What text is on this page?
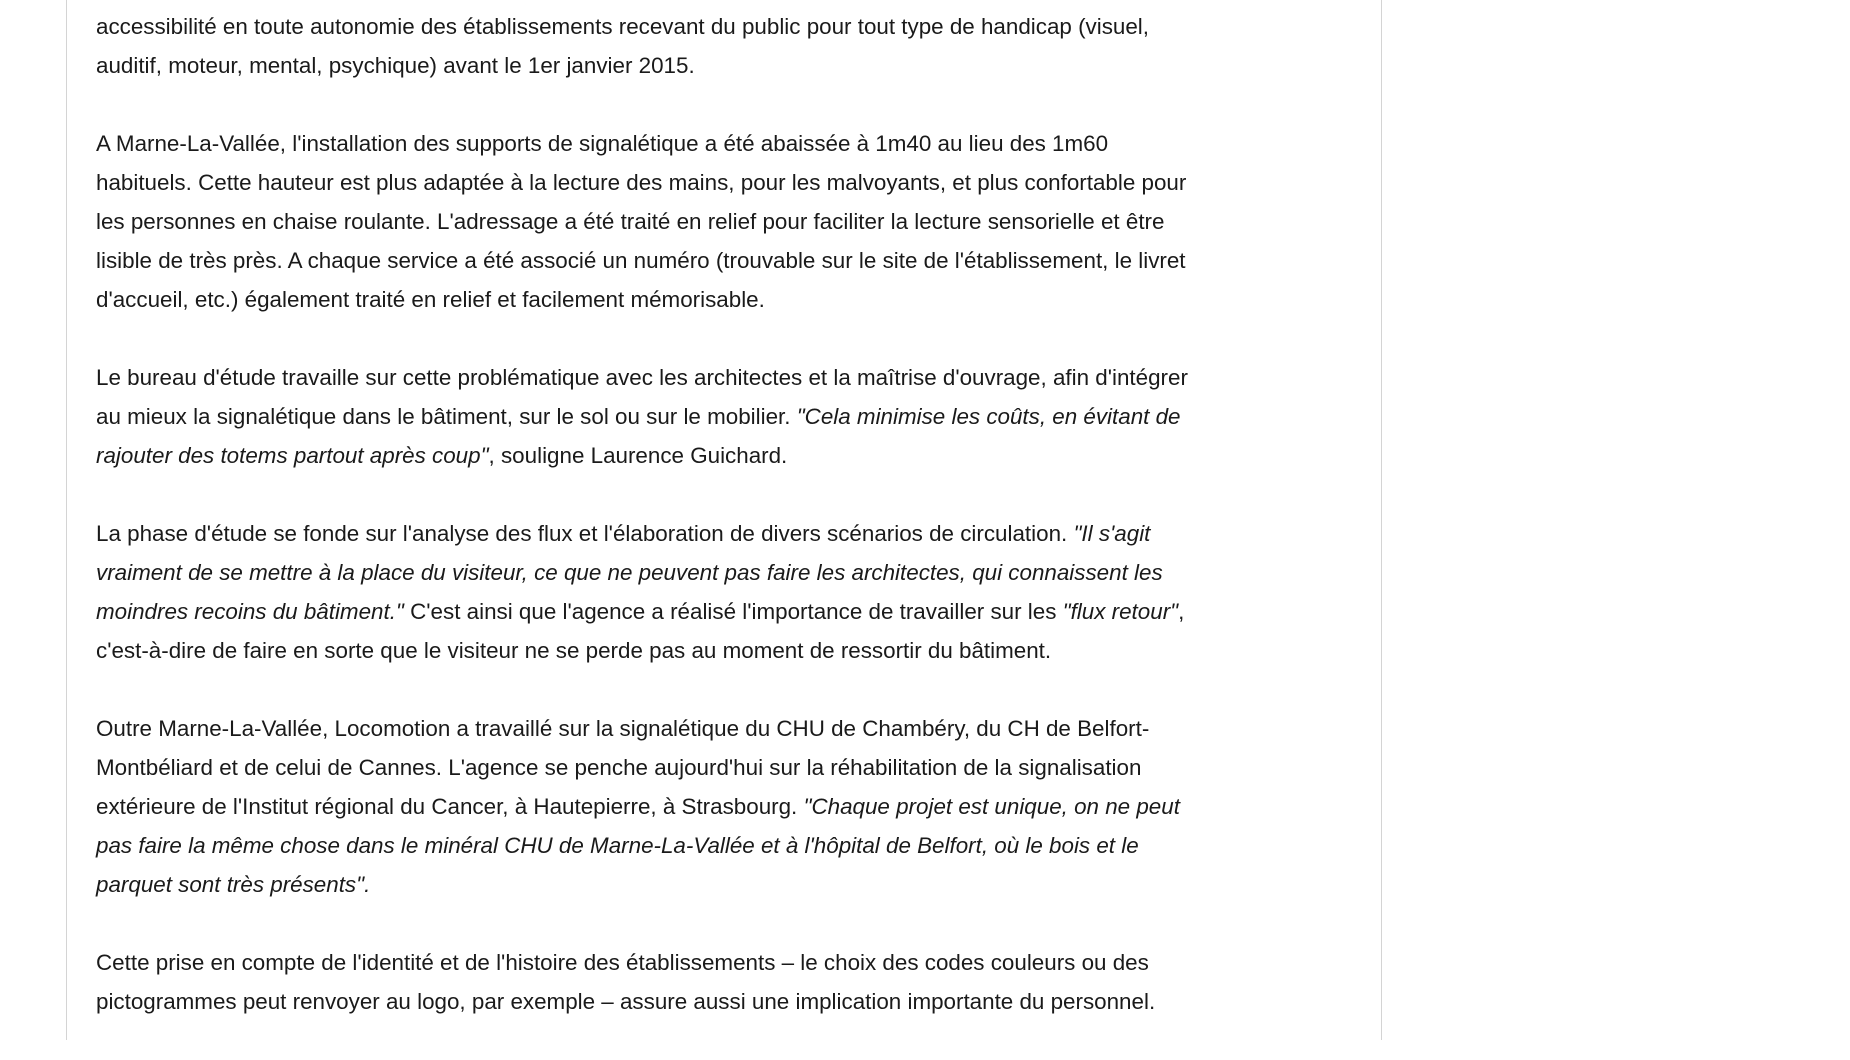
accessibilité en toute autonomie des établissements recevant du public pour tout type de handicap (visuel,
auditif, moteur, mental, psychique) avant le 1er janvier 2015.

A Marne-La-Vallée, l'installation des supports de signalétique a été abaissée à 1m40 au lieu des 1m60
habituels. Cette hauteur est plus adaptée à la lecture des mains, pour les malvoyants, et plus confortable pour
les personnes en chaise roulante. L'adressage a été traité en relief pour faciliter la lecture sensorielle et être
lisible de très près. A chaque service a été associé un numéro (trouvable sur le site de l'établissement, le livret
d'accueil, etc.) également traité en relief et facilement mémorisable.

Le bureau d'étude travaille sur cette problématique avec les architectes et la maîtrise d'ouvrage, afin d'intégrer
au mieux la signalétique dans le bâtiment, sur le sol ou sur le mobilier. "Cela minimise les coûts, en évitant de
rajouter des totems partout après coup", souligne Laurence Guichard.

La phase d'étude se fonde sur l'analyse des flux et l'élaboration de divers scénarios de circulation. "Il s'agit
vraiment de se mettre à la place du visiteur, ce que ne peuvent pas faire les architectes, qui connaissent les
moindres recoins du bâtiment." C'est ainsi que l'agence a réalisé l'importance de travailler sur les "flux retour",
c'est-à-dire de faire en sorte que le visiteur ne se perde pas au moment de ressortir du bâtiment.

Outre Marne-La-Vallée, Locomotion a travaillé sur la signalétique du CHU de Chambéry, du CH de Belfort-
Montbéliard et de celui de Cannes. L'agence se penche aujourd'hui sur la réhabilitation de la signalisation
extérieure de l'Institut régional du Cancer, à Hautepierre, à Strasbourg. "Chaque projet est unique, on ne peut
pas faire la même chose dans le minéral CHU de Marne-La-Vallée et à l'hôpital de Belfort, où le bois et le
parquet sont très présents".

Cette prise en compte de l'identité et de l'histoire des établissements – le choix des codes couleurs ou des
pictogrammes peut renvoyer au logo, par exemple – assure aussi une implication importante du personnel.
